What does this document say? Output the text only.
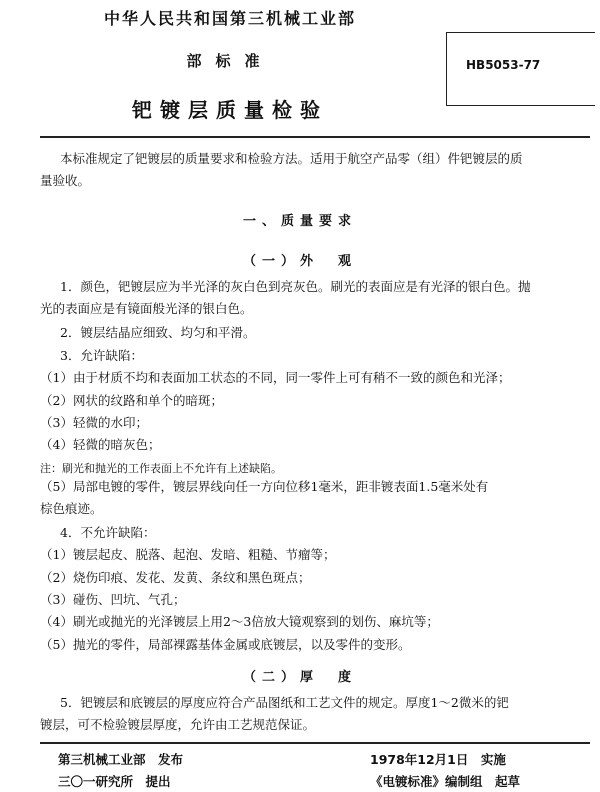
中华人民共和国第三机械工业部
部标准	HB5053-77
钯镀层质量检验
本标准规定了钯镀层的质量要求和检验方法。适用于航空产品零（组）件钯镀层的质
量验收。
一、质量要求
（一）外　观
1．颜色，钯镀层应为半光泽的灰白色到亮灰色。刷光的表面应是有光泽的银白色。抛
光的表面应是有镜面般光泽的银白色。
2．镀层结晶应细致、均匀和平滑。
3．允许缺陷：
（1）由于材质不均和表面加工状态的不同，同一零件上可有稍不一致的颜色和光泽；
（2）网状的纹路和单个的暗斑；
（3）轻微的水印；
（4）轻微的暗灰色；
注：刷光和抛光的工作表面上不允许有上述缺陷。
（5）局部电镀的零件，镀层界线向任一方向位移1毫米，距非镀表面1.5毫米处有
棕色痕迹。
4．不允许缺陷：
（1）镀层起皮、脱落、起泡、发暗、粗糙、节瘤等；
（2）烧伤印痕、发花、发黄、条纹和黑色斑点；
（3）碰伤、凹坑、气孔；
（4）刷光或抛光的光泽镀层上用2～3倍放大镜观察到的划伤、麻坑等；
（5）抛光的零件，局部裸露基体金属或底镀层，以及零件的变形。
（二）厚　度
5．钯镀层和底镀层的厚度应符合产品图纸和工艺文件的规定。厚度1～2微米的钯
镀层，可不检验镀层厚度，允许由工艺规范保证。
第三机械工业部　发布	1978年12月1日　实施
三〇一研究所　提出	《电镀标准》编制组　起草
